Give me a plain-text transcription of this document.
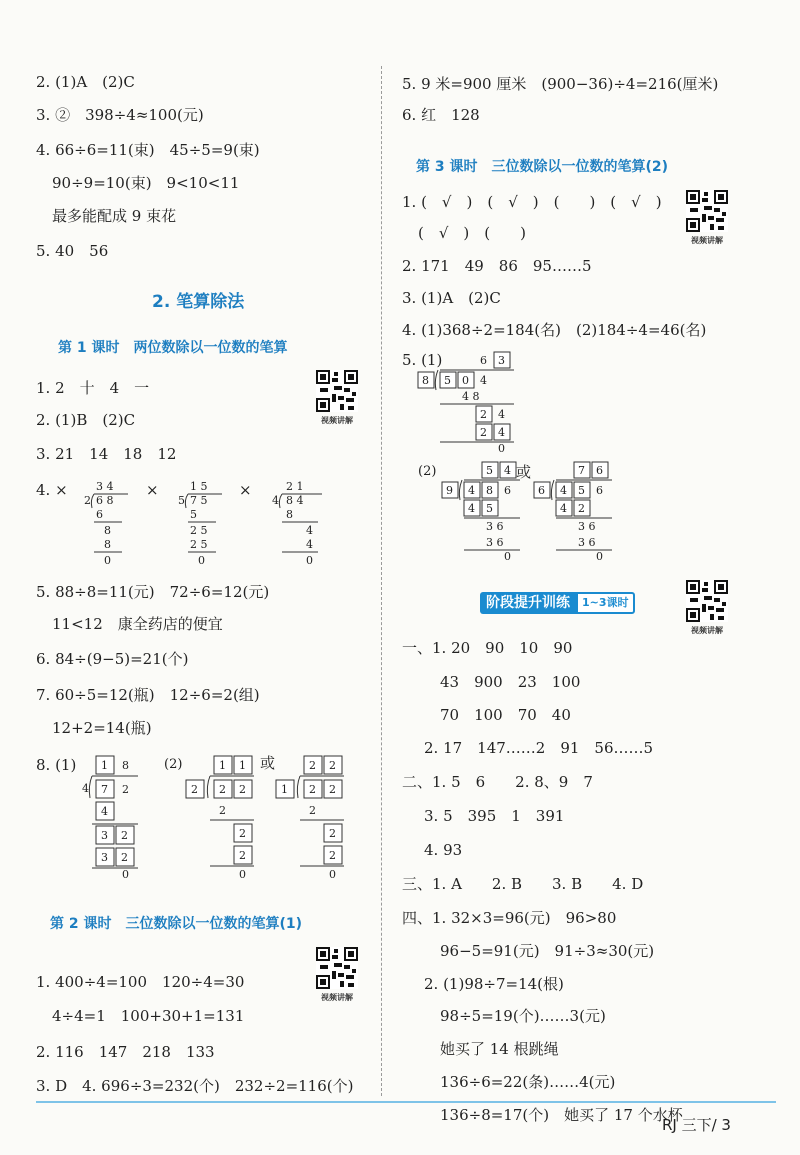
2. (1)A　(2)C
3. ②　398÷4≈100(元)
4. 66÷6=11(束)　45÷5=9(束)
90÷9=10(束)　9<10<11
最多能配成 9 束花
5. 40　56
2. 笔算除法
第 1 课时　两位数除以一位数的笔算
1. 2　十　4　一
2. (1)B　(2)C
3. 21　14　18　12
4. ×	×	×
5. 88÷8=11(元)　72÷6=12(元)
11<12　康全药店的便宜
6. 84÷(9−5)=21(个)
7. 60÷5=12(瓶)　12÷6=2(组)
12+2=14(瓶)
8. (1)	(2)	或
第 2 课时　三位数除以一位数的笔算(1)
1. 400÷4=100　120÷4=30
4÷4=1　100+30+1=131
2. 116　147　218　133
3. D　4. 696÷3=232(个)　232÷2=116(个)
3 4
2 6 8
6
8
8
0
1 5
5 7 5
5
2 5
2 5
0
2 1
4 8 4
8
4
4
0
1 8
4 7 2
4
3 2
3 2
0
1 1
2 2 2
2
2
2
0
2 2
1 2 2
2
2
2
0
5. 9 米=900 厘米　(900−36)÷4=216(厘米)
6. 红　128
第 3 课时　三位数除以一位数的笔算(2)
1. (　√　)　(　√　)　(　　)　(　√　)
(　√　)　(　　)
2. 171　49　86　95……5
3. (1)A　(2)C
4. (1)368÷2=184(名)　(2)184÷4=46(名)
5. (1)
(2)	或
一、1. 20　90　10　90
43　900　23　100
70　100　70　40
2. 17　147……2　91　56……5
二、1. 5　6　　2. 8、9　7
3. 5　395　1　391
4. 93
三、1. A　　2. B　　3. B　　4. D
四、1. 32×3=96(元)　96>80
96−5=91(元)　91÷3≈30(元)
2. (1)98÷7=14(根)
98÷5=19(个)……3(元)
她买了 14 根跳绳
136÷6=22(条)……4(元)
136÷8=17(个)　她买了 17 个水杯
阶段提升训练	1~3课时
6 3
8 5 0 4
4 8
2 4
2 4
0
5 4
9 4 8 6
4 5
3 6
3 6
0
7 6
6 4 5 6
4 2
3 6
3 6
0
视频讲解
视频讲解
视频讲解
视频讲解
RJ 三下/ 3
